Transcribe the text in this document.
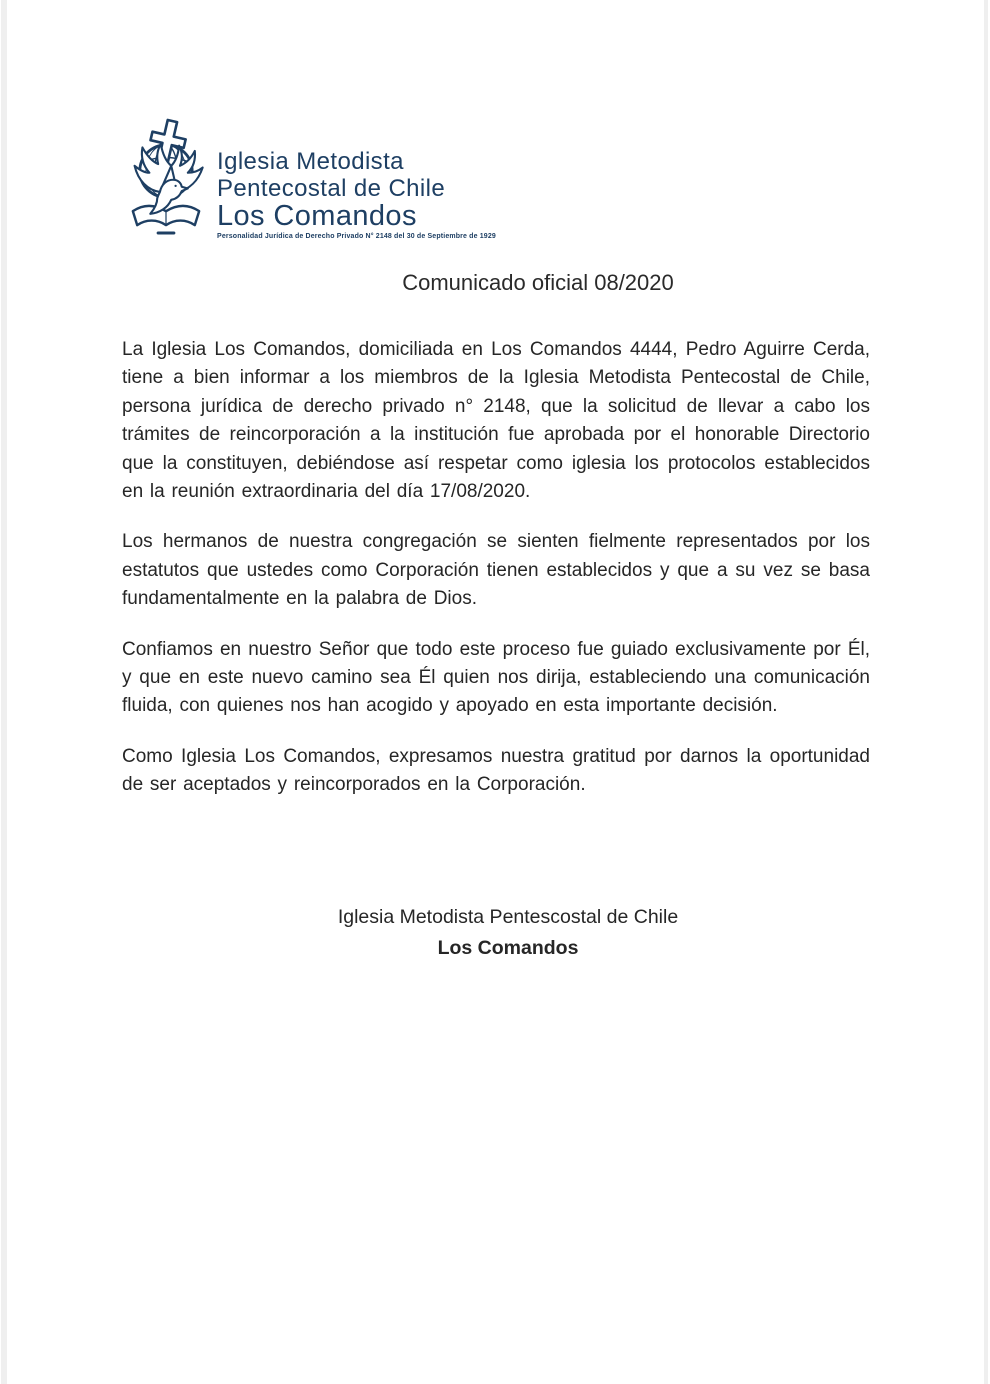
Iglesia Metodista
Pentecostal de Chile
Los Comandos
Personalidad Jurídica de Derecho Privado N° 2148 del 30 de Septiembre de 1929
Comunicado oficial 08/2020

La Iglesia Los Comandos, domiciliada en Los Comandos 4444, Pedro Aguirre Cerda, tiene a bien informar a los miembros de la Iglesia Metodista Pentecostal de Chile, persona jurídica de derecho privado n° 2148, que la solicitud de llevar a cabo los trámites de reincorporación a la institución fue aprobada por el honorable Directorio que la constituyen, debiéndose así respetar como iglesia los protocolos establecidos en la reunión extraordinaria del día 17/08/2020.

Los hermanos de nuestra congregación se sienten fielmente representados por los estatutos que ustedes como Corporación tienen establecidos y que a su vez se basa fundamentalmente en la palabra de Dios.

Confiamos en nuestro Señor que todo este proceso fue guiado exclusivamente por Él, y que en este nuevo camino sea Él quien nos dirija, estableciendo una comunicación fluida, con quienes nos han acogido y apoyado en esta importante decisión.

Como Iglesia Los Comandos, expresamos nuestra gratitud por darnos la oportunidad de ser aceptados y reincorporados en la Corporación.

Iglesia Metodista Pentescostal de Chile
Los Comandos
